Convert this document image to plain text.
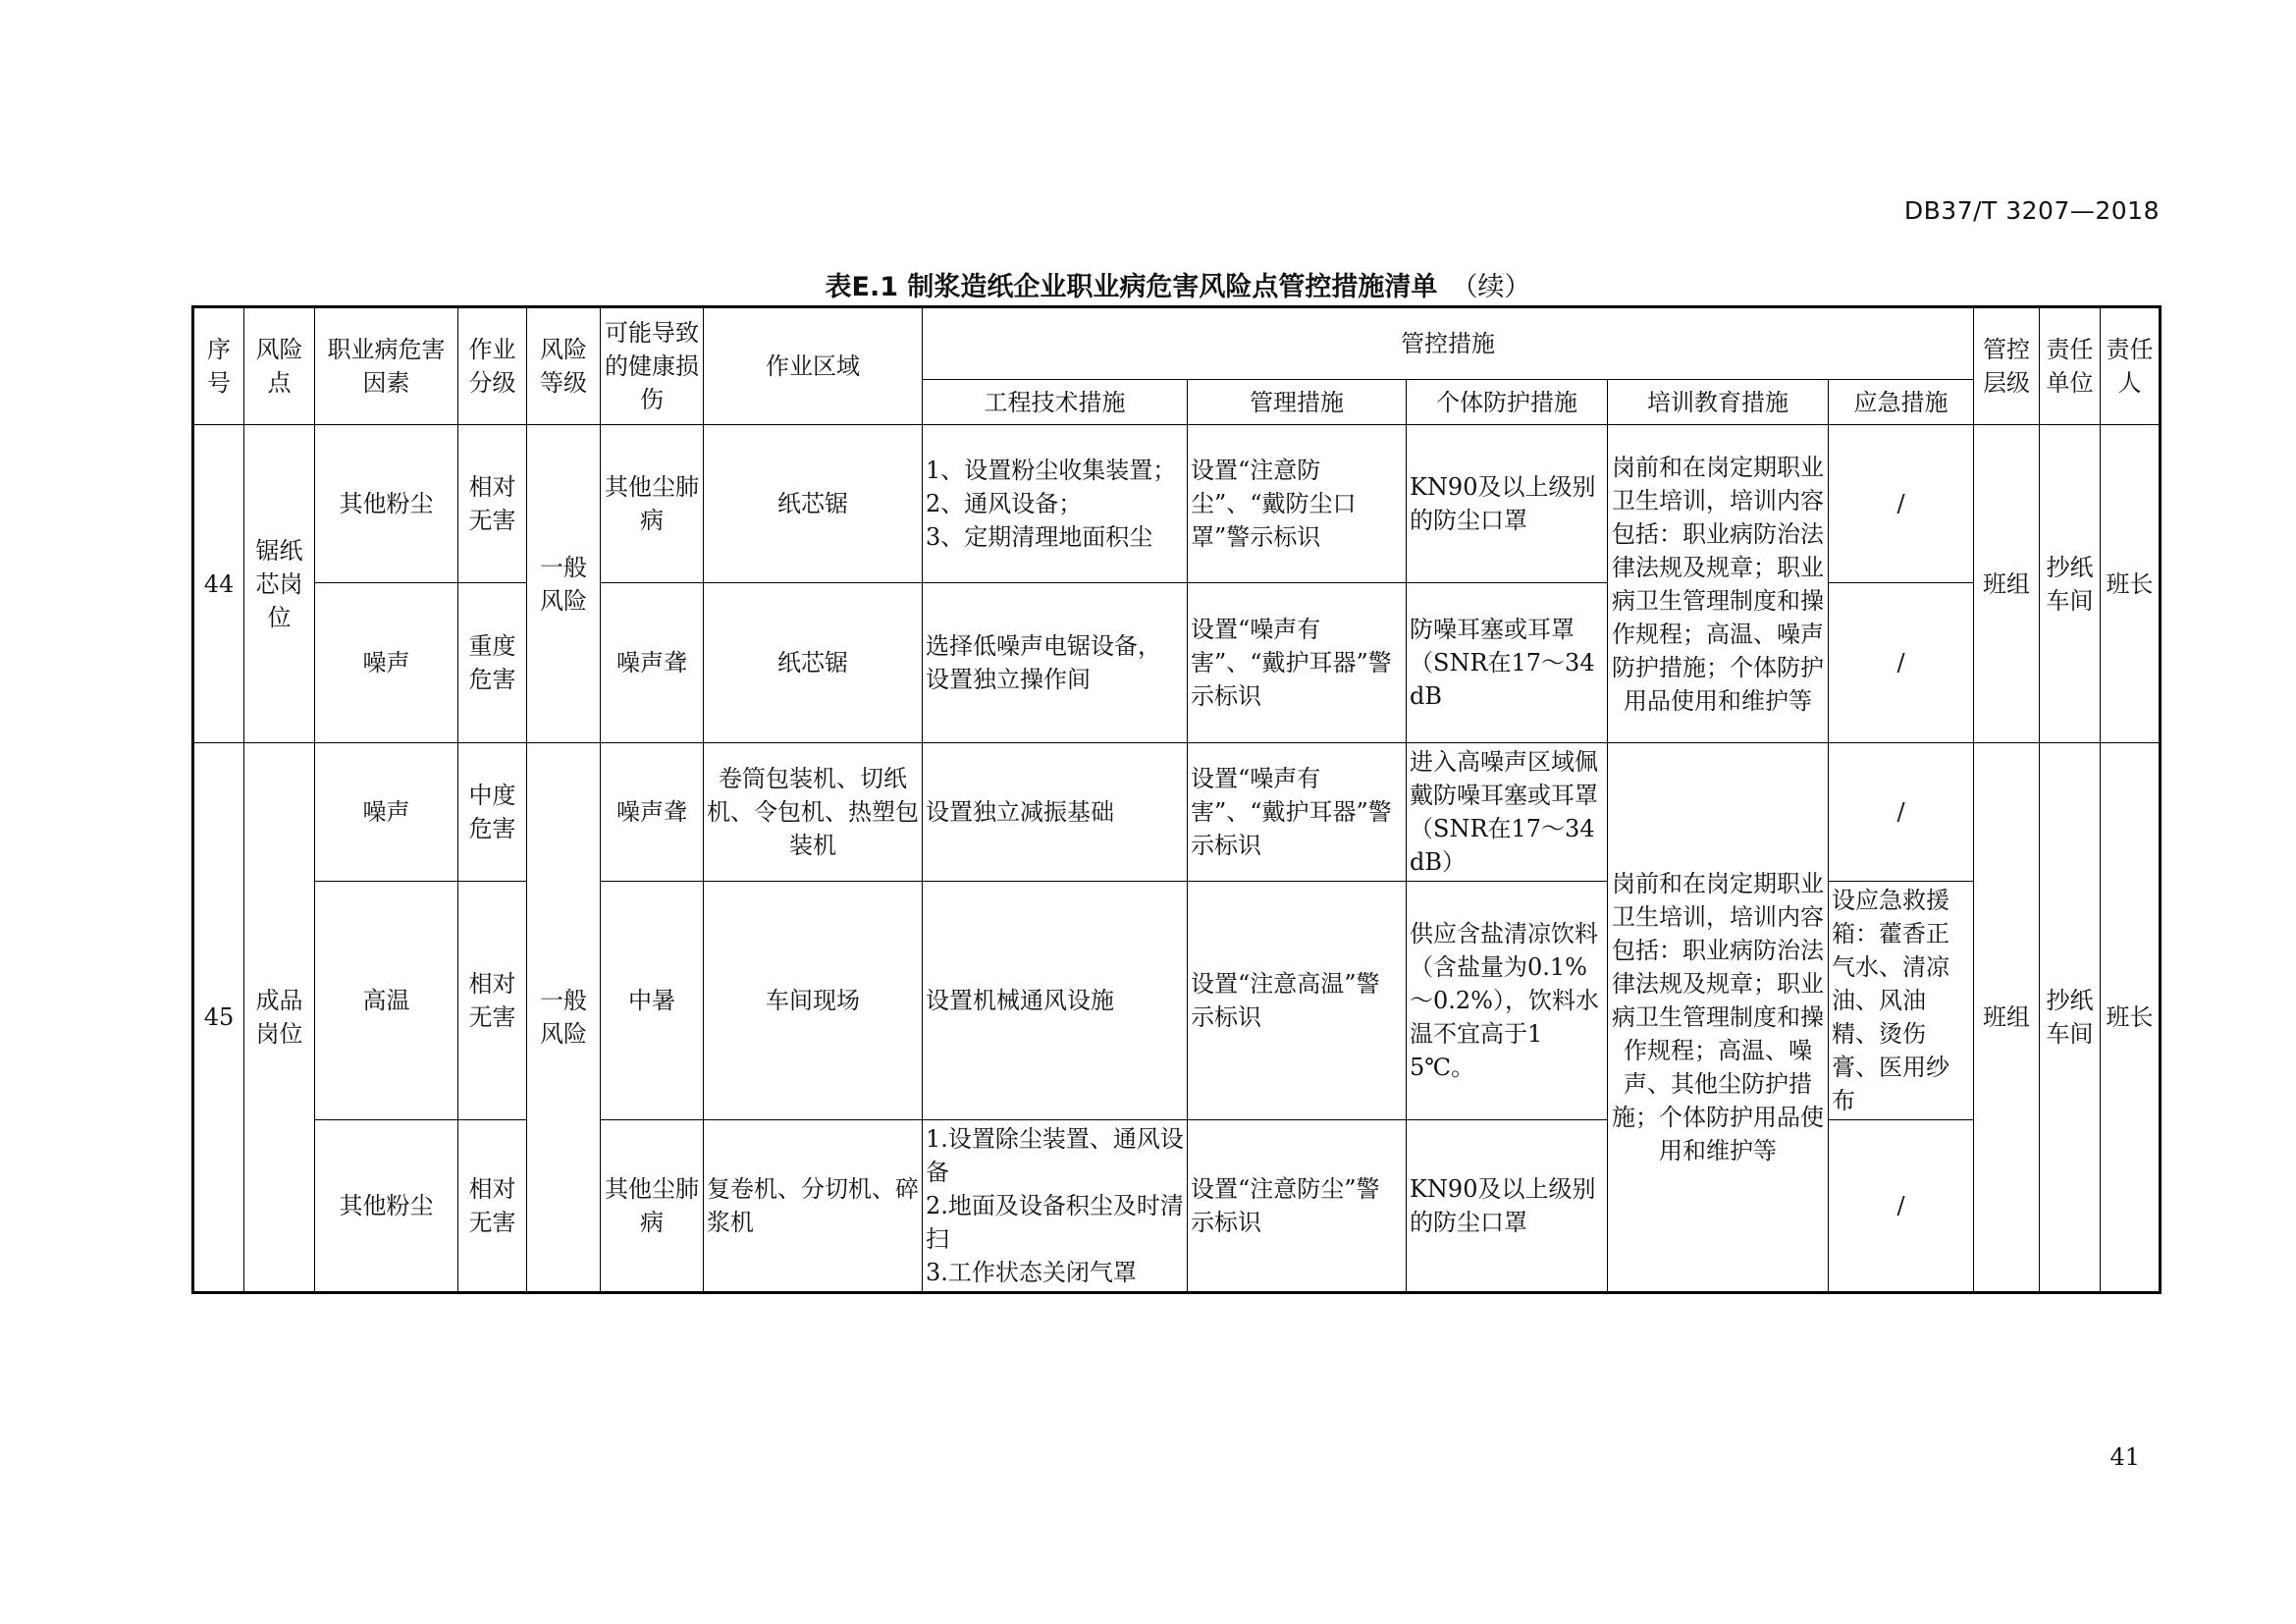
DB37/T 3207—2018
表E.1 制浆造纸企业职业病危害风险点管控措施清单 （续）
序号	风险点	职业病危害因素	作业分级	风险等级	可能导致的健康损伤	作业区域	管控措施					管控层级	责任单位	责任人
							工程技术措施	管理措施	个体防护措施	培训教育措施	应急措施			
44	锯纸芯岗位	其他粉尘	相对无害	一般风险	其他尘肺病	纸芯锯	1、设置粉尘收集装置；
2、通风设备；
3、定期清理地面积尘	设置“注意防尘”、“戴防尘口罩”警示标识	KN90及以上级别的防尘口罩	岗前和在岗定期职业卫生培训，培训内容包括：职业病防治法律法规及规章；职业病卫生管理制度和操作规程；高温、噪声防护措施；个体防护用品使用和维护等	/	班组	抄纸车间	班长
		噪声	重度危害		噪声聋	纸芯锯	选择低噪声电锯设备，设置独立操作间	设置“噪声有害”、“戴护耳器”警示标识	防噪耳塞或耳罩（SNR在17～34dB		/			
45	成品岗位	噪声	中度危害	一般风险	噪声聋	卷筒包装机、切纸机、令包机、热塑包装机	设置独立减振基础	设置“噪声有害”、“戴护耳器”警示标识	进入高噪声区域佩戴防噪耳塞或耳罩（SNR在17～34dB）	岗前和在岗定期职业卫生培训，培训内容包括：职业病防治法律法规及规章；职业病卫生管理制度和操作规程；高温、噪声、其他尘防护措施；个体防护用品使用和维护等	/	班组	抄纸车间	班长
		高温	相对无害		中暑	车间现场	设置机械通风设施	设置“注意高温”警示标识	供应含盐清凉饮料（含盐量为0.1%～0.2%），饮料水温不宜高于15℃。		设应急救援箱：藿香正气水、清凉油、风油精、烫伤膏、医用纱布			
		其他粉尘	相对无害		其他尘肺病	复卷机、分切机、碎浆机	1.设置除尘装置、通风设备
2.地面及设备积尘及时清扫
3.工作状态关闭气罩	设置“注意防尘”警示标识	KN90及以上级别的防尘口罩		/			
41
